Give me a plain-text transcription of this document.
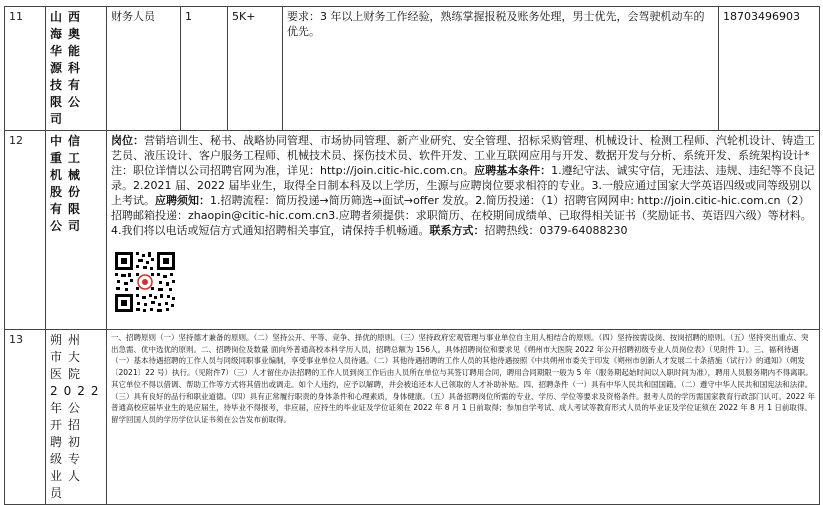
11	山西海奥华能源科技有限公司	财务人员	1	5K+	要求：3 年以上财务工作经验，熟练掌握报税及账务处理，男士优先，会驾驶机动车的优先。	18703496903
12	中信重工机械股份有限公司	岗位：营销培训生、秘书、战略协同管理、市场协同管理、新产业研究、安全管理、招标采购管理、机械设计、检测工程师、汽轮机设计、铸造工艺员、液压设计、客户服务工程师、机械技术员、探伤技术员、软件开发、工业互联网应用与开发、数据开发与分析、系统开发、系统架构设计*注：职位详情以公司招聘官网为准，详见：http://join.citic-hic.com.cn。应聘基本条件：1.遵纪守法、诚实守信，无违法、违规、违纪等不良记录。2.2021 届、2022 届毕业生，取得全日制本科及以上学历，生源与应聘岗位要求相符的专业。3.一般应通过国家大学英语四级或同等级别以上考试。应聘须知：1.招聘流程：简历投递→简历筛选→面试→offer 发放。2.简历投递：（1）招聘官网网申: http://join.citic-hic.com.cn（2）招聘邮箱投递：zhaopin@citic-hic.com.cn3.应聘者须提供：求职简历、在校期间成绩单、已取得相关证书（奖励证书、英语四六级）等材料。4.我们将以电话或短信方式通知招聘相关事宜，请保持手机畅通。联系方式：招聘热线：0379-64088230				

13	朔州市大医院2022年公开招聘初级专业人员	一、招聘原则（一）坚持德才兼备的原则。（二）坚持公开、平等、竞争、择优的原则。（三）坚持政府宏观管理与事业单位自主用人相结合的原则。（四）坚持按需设岗、按岗招聘的原则。（五）坚持突出重点、突出急需、优中选优的原则。二、招聘岗位及数量 面向外普通高校本科学历人员，招聘总额为 156人。具体招聘岗位和要求见《朔州市大医院 2022 年公开招聘初级专业人员岗位表》（见附件 1）。三、福利待遇（一）基本待遇招聘的工作人员与同级同职事业编制，享受事业单位人员待遇。（二）其他待遇招聘的工作人员的其他待遇按照《中共朔州市委关于印发《朔州市创新人才发展二十条措施（试行）》的通知》（朔发〔2021〕22 号）执行。（见附件7）（三）人才留住办法招聘的工作人员到岗工作后由人员所在单位与其签订聘用合同，聘用合同期限一般为 5 年（服务期起始时间以入职时间为准），聘用人员服务期内不得离职。其它单位不得以借调、帮助工作等方式将其借出或调走。如个人违约，应予以解聘，并会被追还本人已领取的人才补助补贴。四、招聘条件（一）具有中华人民共和国国籍。（二）遵守中华人民共和国宪法和法律。（三）具有良好的品行和职业道德。（四）具有正常履行职责的身体条件和心理素质，身体健康。（五）具备招聘岗位所需的专业、学历、学位等要求及资格条件。报考人员的学历需国家教育行政部门认可。2022 年普通高校应届毕业生的是应届生，待毕业不得报考，非应届，应持生的毕业证及学位证须在 2022 年 8 月 1 日前取得；参加自学考试、成人考试等教育形式人员的毕业证及学位证须在 2022 年 8 月 1 日前取得。留学回国人员的学历学位认证书须在公告发布前取得。				
